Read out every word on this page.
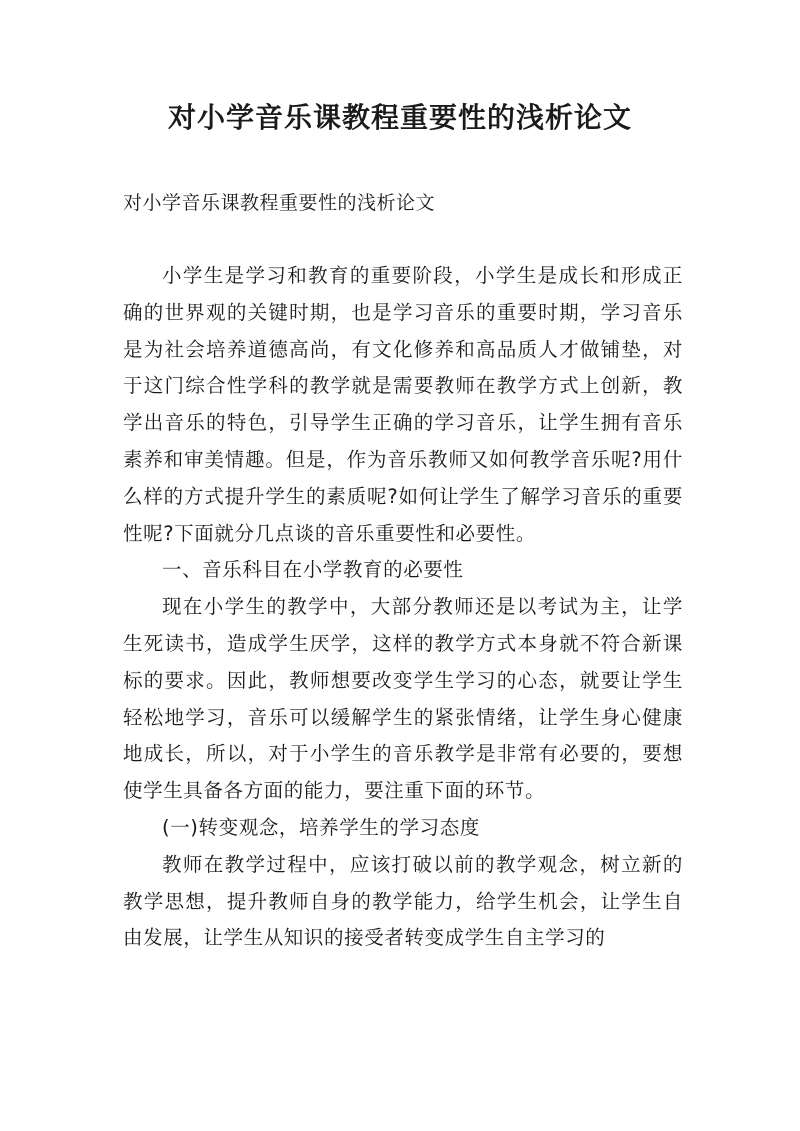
对小学音乐课教程重要性的浅析论文

对小学音乐课教程重要性的浅析论文

小学生是学习和教育的重要阶段，小学生是成长和形成正确的世界观的关键时期，也是学习音乐的重要时期，学习音乐是为社会培养道德高尚，有文化修养和高品质人才做铺垫，对于这门综合性学科的教学就是需要教师在教学方式上创新，教学出音乐的特色，引导学生正确的学习音乐，让学生拥有音乐素养和审美情趣。但是，作为音乐教师又如何教学音乐呢?用什么样的方式提升学生的素质呢?如何让学生了解学习音乐的重要性呢?下面就分几点谈的音乐重要性和必要性。

一、音乐科目在小学教育的必要性

现在小学生的教学中，大部分教师还是以考试为主，让学生死读书，造成学生厌学，这样的教学方式本身就不符合新课标的要求。因此，教师想要改变学生学习的心态，就要让学生轻松地学习，音乐可以缓解学生的紧张情绪，让学生身心健康地成长，所以，对于小学生的音乐教学是非常有必要的，要想使学生具备各方面的能力，要注重下面的环节。

(一)转变观念，培养学生的学习态度

教师在教学过程中，应该打破以前的教学观念，树立新的教学思想，提升教师自身的教学能力，给学生机会，让学生自由发展，让学生从知识的接受者转变成学生自主学习的
